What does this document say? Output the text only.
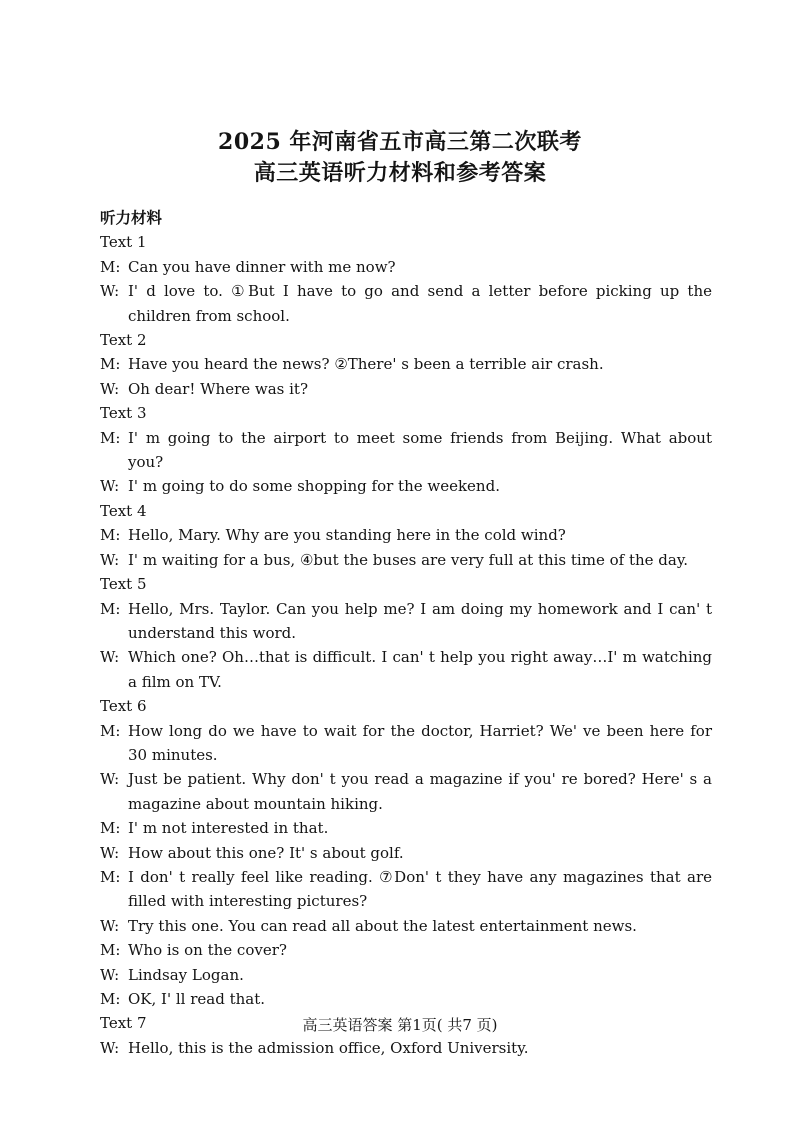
2025 年河南省五市高三第二次联考
高三英语听力材料和参考答案
听力材料
Text 1
M: Can you have dinner with me now?
W: I' d love to. ①But I have to go and send a letter before picking up the children from school.
Text 2
M: Have you heard the news? ②There' s been a terrible air crash.
W: Oh dear! Where was it?
Text 3
M: I' m going to the airport to meet some friends from Beijing. What about you?
W: I' m going to do some shopping for the weekend.
Text 4
M: Hello, Mary. Why are you standing here in the cold wind?
W: I' m waiting for a bus, ④but the buses are very full at this time of the day.
Text 5
M: Hello, Mrs. Taylor. Can you help me? I am doing my homework and I can' t understand this word.
W: Which one? Oh…that is difficult. I can' t help you right away…I' m watching a film on TV.
Text 6
M: How long do we have to wait for the doctor, Harriet? We' ve been here for 30 minutes.
W: Just be patient. Why don' t you read a magazine if you' re bored? Here' s a magazine about mountain hiking.
M: I' m not interested in that.
W: How about this one? It' s about golf.
M: I don' t really feel like reading. ⑦Don' t they have any magazines that are filled with interesting pictures?
W: Try this one. You can read all about the latest entertainment news.
M: Who is on the cover?
W: Lindsay Logan.
M: OK, I' ll read that.
Text 7
W: Hello, this is the admission office, Oxford University.
高三英语答案 第1页( 共7 页)
